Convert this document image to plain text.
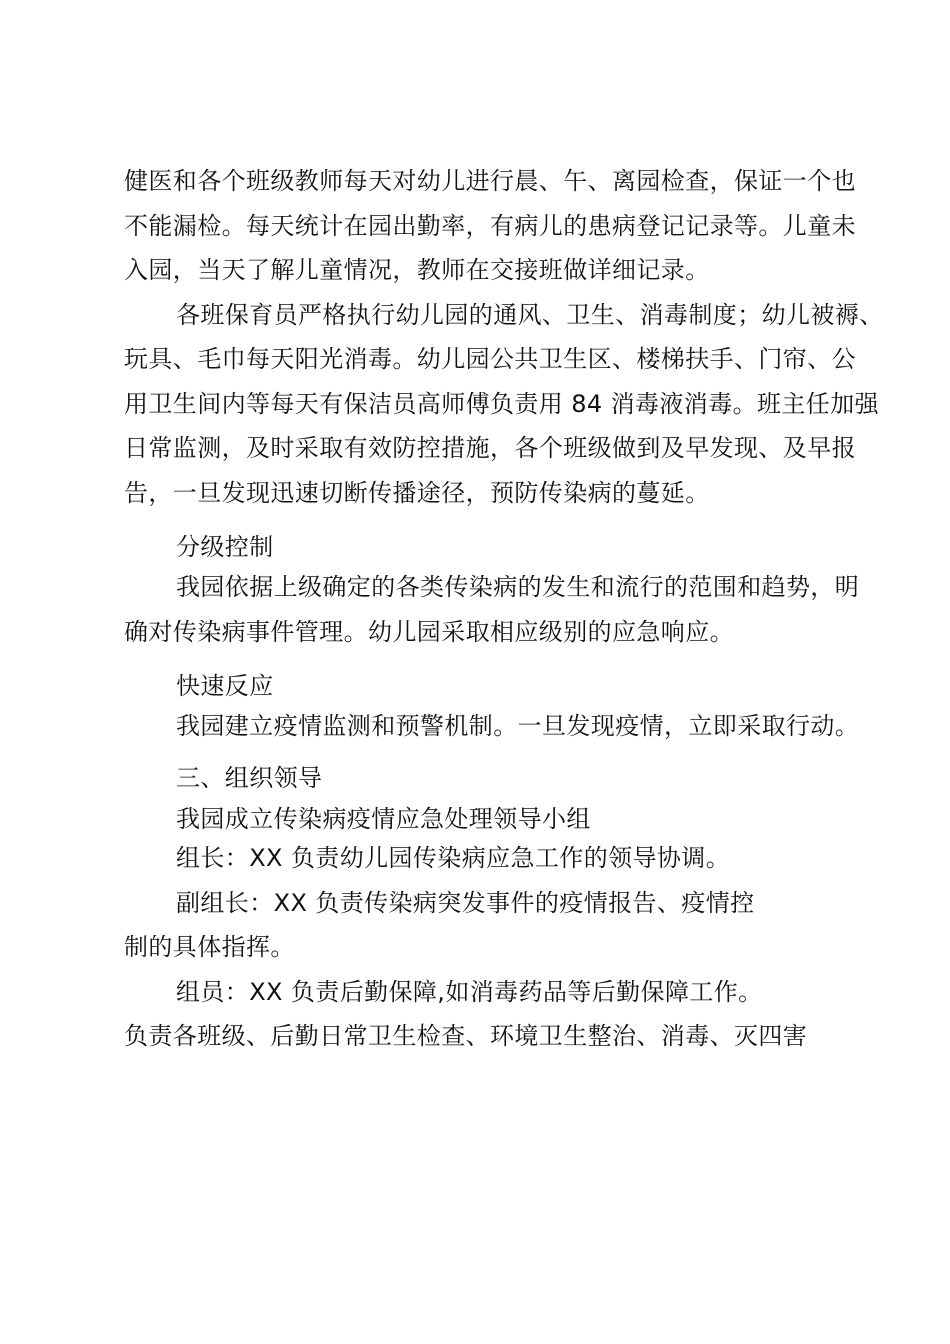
健医和各个班级教师每天对幼儿进行晨、午、离园检查，保证一个也

不能漏检。每天统计在园出勤率，有病儿的患病登记记录等。儿童未

入园，当天了解儿童情况，教师在交接班做详细记录。

各班保育员严格执行幼儿园的通风、卫生、消毒制度；幼儿被褥、

玩具、毛巾每天阳光消毒。幼儿园公共卫生区、楼梯扶手、门帘、公

用卫生间内等每天有保洁员高师傅负责用 84 消毒液消毒。班主任加强

日常监测，及时采取有效防控措施，各个班级做到及早发现、及早报

告，一旦发现迅速切断传播途径，预防传染病的蔓延。

分级控制

我园依据上级确定的各类传染病的发生和流行的范围和趋势，明

确对传染病事件管理。幼儿园采取相应级别的应急响应。

快速反应

我园建立疫情监测和预警机制。一旦发现疫情，立即采取行动。

三、组织领导

我园成立传染病疫情应急处理领导小组

组长：XX 负责幼儿园传染病应急工作的领导协调。

副组长：XX 负责传染病突发事件的疫情报告、疫情控

制的具体指挥。

组员：XX 负责后勤保障,如消毒药品等后勤保障工作。

负责各班级、后勤日常卫生检查、环境卫生整治、消毒、灭四害
